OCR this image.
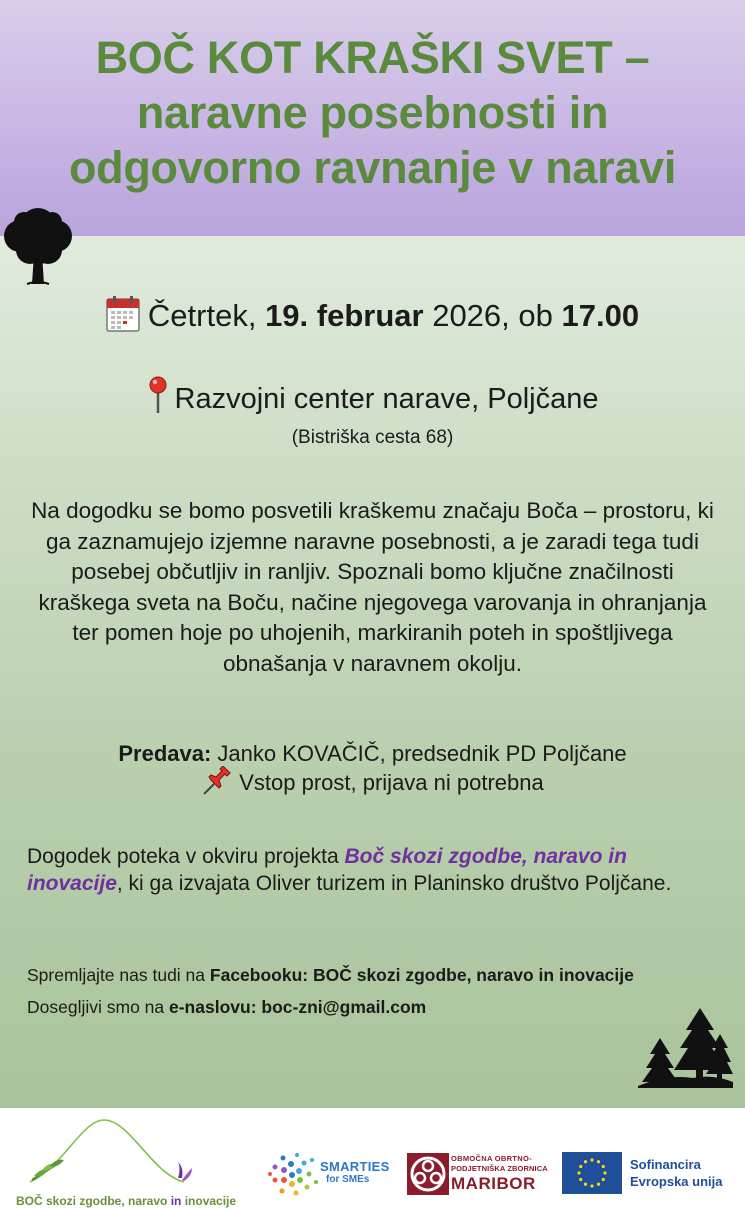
BOČ KOT KRAŠKI SVET –
naravne posebnosti in
odgovorno ravnanje v naravi
Četrtek, 19. februar 2026, ob 17.00
Razvojni center narave, Poljčane
(Bistriška cesta 68)
Na dogodku se bomo posvetili kraškemu značaju Boča – prostoru, ki ga zaznamujejo izjemne naravne posebnosti, a je zaradi tega tudi posebej občutljiv in ranljiv. Spoznali bomo ključne značilnosti kraškega sveta na Boču, načine njegovega varovanja in ohranjanja ter pomen hoje po uhojenih, markiranih poteh in spoštljivega obnašanja v naravnem okolju.
Predava: Janko KOVAČIČ, predsednik PD Poljčane
Vstop prost, prijava ni potrebna
Dogodek poteka v okviru projekta Boč skozi zgodbe, naravo in inovacije, ki ga izvajata Oliver turizem in Planinsko društvo Poljčane.
Spremljajte nas tudi na Facebooku: BOČ skozi zgodbe, naravo in inovacije
Dosegljivi smo na e-naslovu: boc-zni@gmail.com
BOČ skozi zgodbe, naravo in inovacije
SMARTIES
for SMEs
OBMOČNA OBRTNO-
PODJETNIŠKA ZBORNICA
MARIBOR
Sofinancira
Evropska unija
